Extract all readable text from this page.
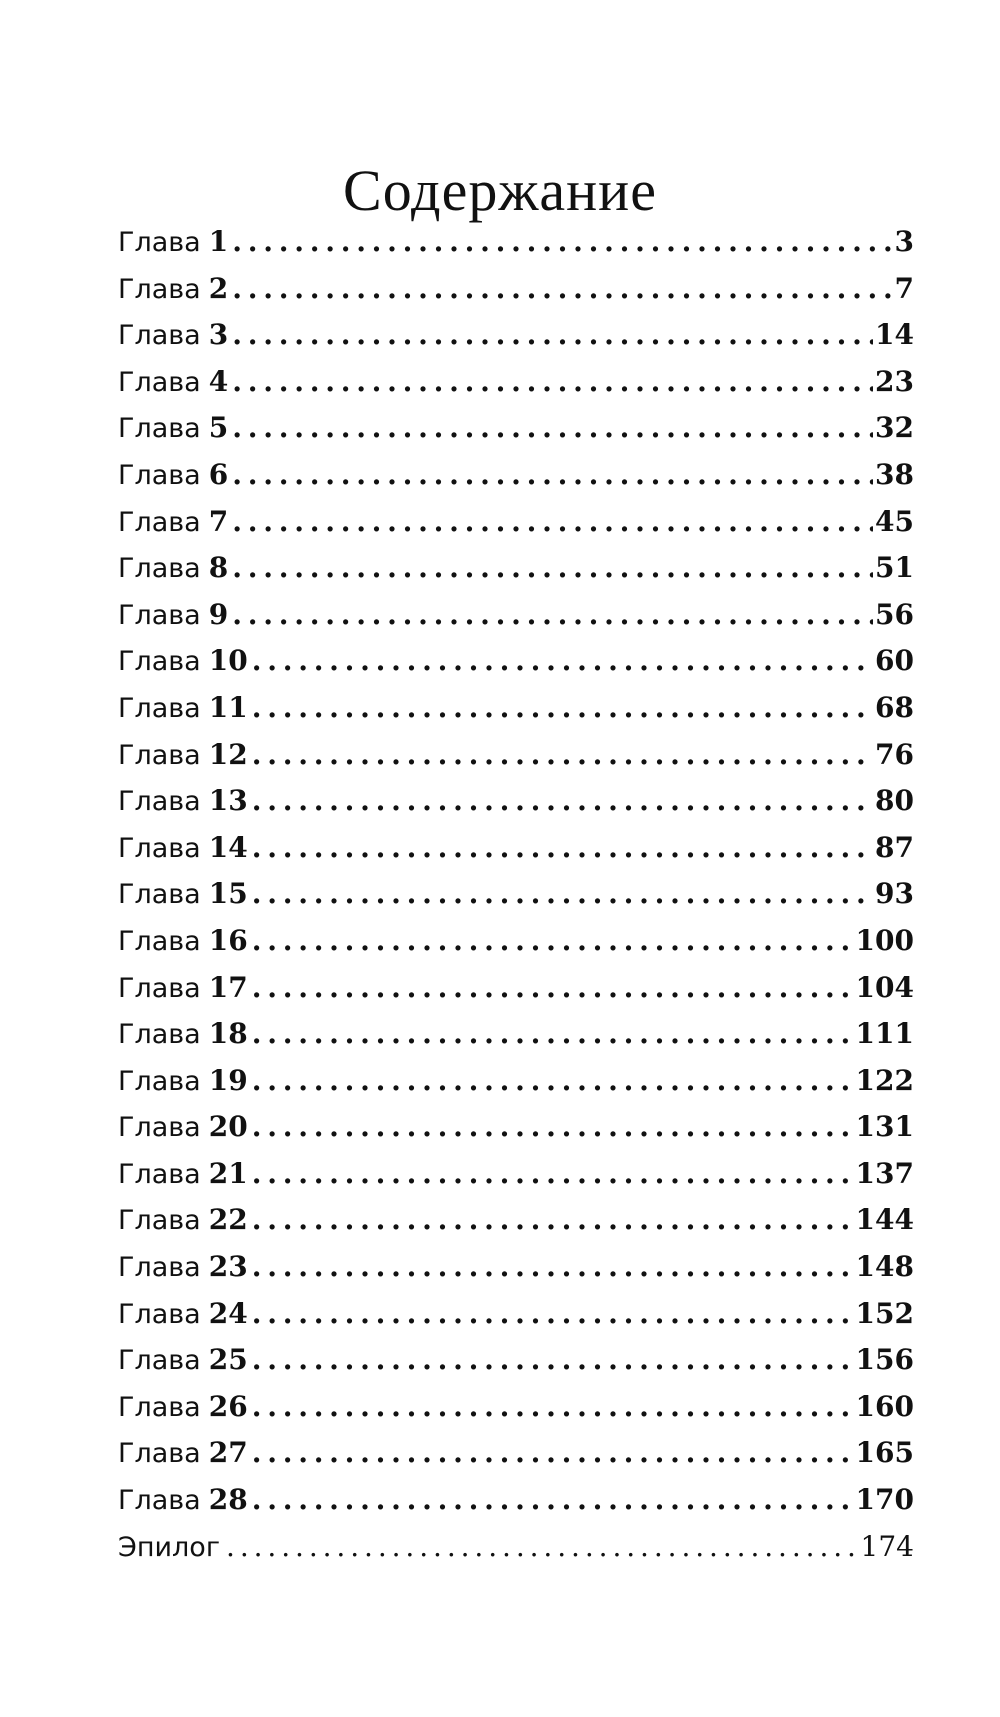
Содержание
Глава 1 . . .	3
Глава 2 . . .	7
Глава 3 . . .	14
Глава 4 . . .	23
Глава 5 . . .	32
Глава 6 . . .	38
Глава 7 . . .	45
Глава 8 . . .	51
Глава 9 . . .	56
Глава 10 . . .	60
Глава 11 . . .	68
Глава 12 . . .	76
Глава 13 . . .	80
Глава 14 . . .	87
Глава 15 . . .	93
Глава 16 . . .	100
Глава 17 . . .	104
Глава 18 . . .	111
Глава 19 . . .	122
Глава 20 . . .	131
Глава 21 . . .	137
Глава 22 . . .	144
Глава 23 . . .	148
Глава 24 . . .	152
Глава 25 . . .	156
Глава 26 . . .	160
Глава 27 . . .	165
Глава 28 . . .	170
Эпилог . . .	174
